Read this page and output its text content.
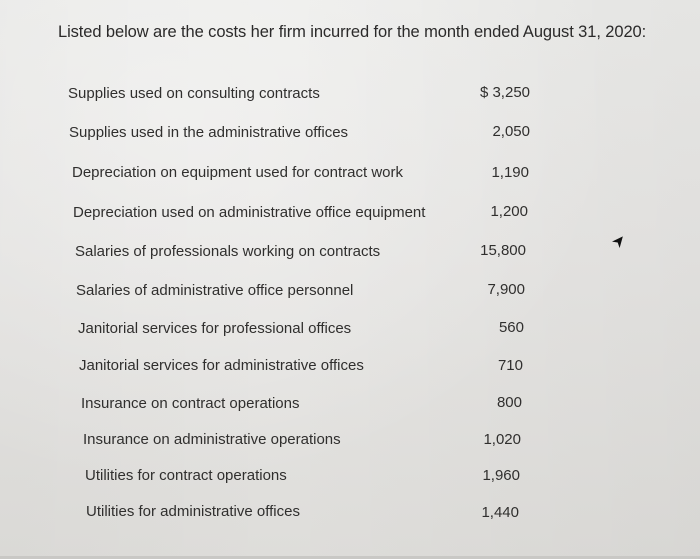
Listed below are the costs her firm incurred for the month ended August 31, 2020:
Supplies used on consulting contracts	$ 3,250
Supplies used in the administrative offices	2,050
Depreciation on equipment used for contract work	1,190
Depreciation used on administrative office equipment	1,200
Salaries of professionals working on contracts	15,800
Salaries of administrative office personnel	7,900
Janitorial services for professional offices	560
Janitorial services for administrative offices	710
Insurance on contract operations	800
Insurance on administrative operations	1,020
Utilities for contract operations	1,960
Utilities for administrative offices	1,440
